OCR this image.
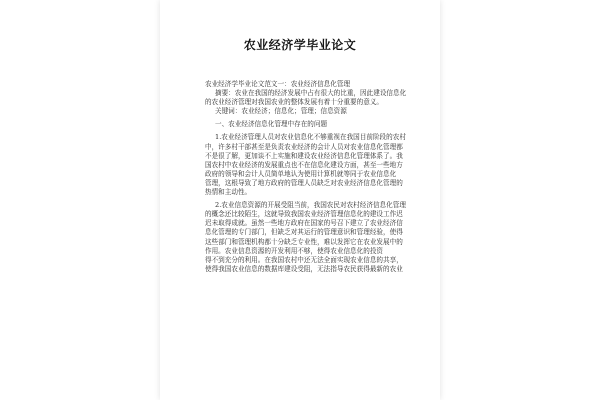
农业经济学毕业论文
农业经济学毕业论文范文一：农业经济信息化管理
摘要：农业在我国的经济发展中占有很大的比重，因此建设信息化
的农业经济管理对我国农业的整体发展有着十分重要的意义。
关键词：农业经济；信息化；管理；信息资源
一、农业经济信息化管理中存在的问题
1.农业经济管理人员对农业信息化不够重视在我国目前阶段的农村
中，许多村干部甚至是负责农业经济的会计人员对农业信息化管理都
不是很了解，更加谈不上实施和建设农业经济信息化管理体系了。我
国农村中农业经济的发展重点也不在信息化建设方面，甚至一些地方
政府的领导和会计人员简单地认为使用计算机就等同于农业信息化
管理，这根导致了地方政府的管理人员缺乏对农业经济信息化管理的
热情和主动性。
2.农业信息资源的开展受阻当前，我国农民对农村经济信息化管理
的概念还比较陌生，这就导致我国农业经济管理信息化的建设工作迟
迟未取得成就。虽然一些地方政府在国家的号召下建立了农业经济信
息化管理的专门部门，但缺乏对其运行的管理意识和管理经验，使得
这些部门和管理机构都十分缺乏专业性，难以发挥它在农业发展中的
作用。农业信息资源的开发利用不够，使得农业信息化的投资
得不到充分的利用。在我国农村中还无法全面实现农业信息的共享，
使得我国农业信息的数据库建设受阻，无法指导农民获得最新的农业
